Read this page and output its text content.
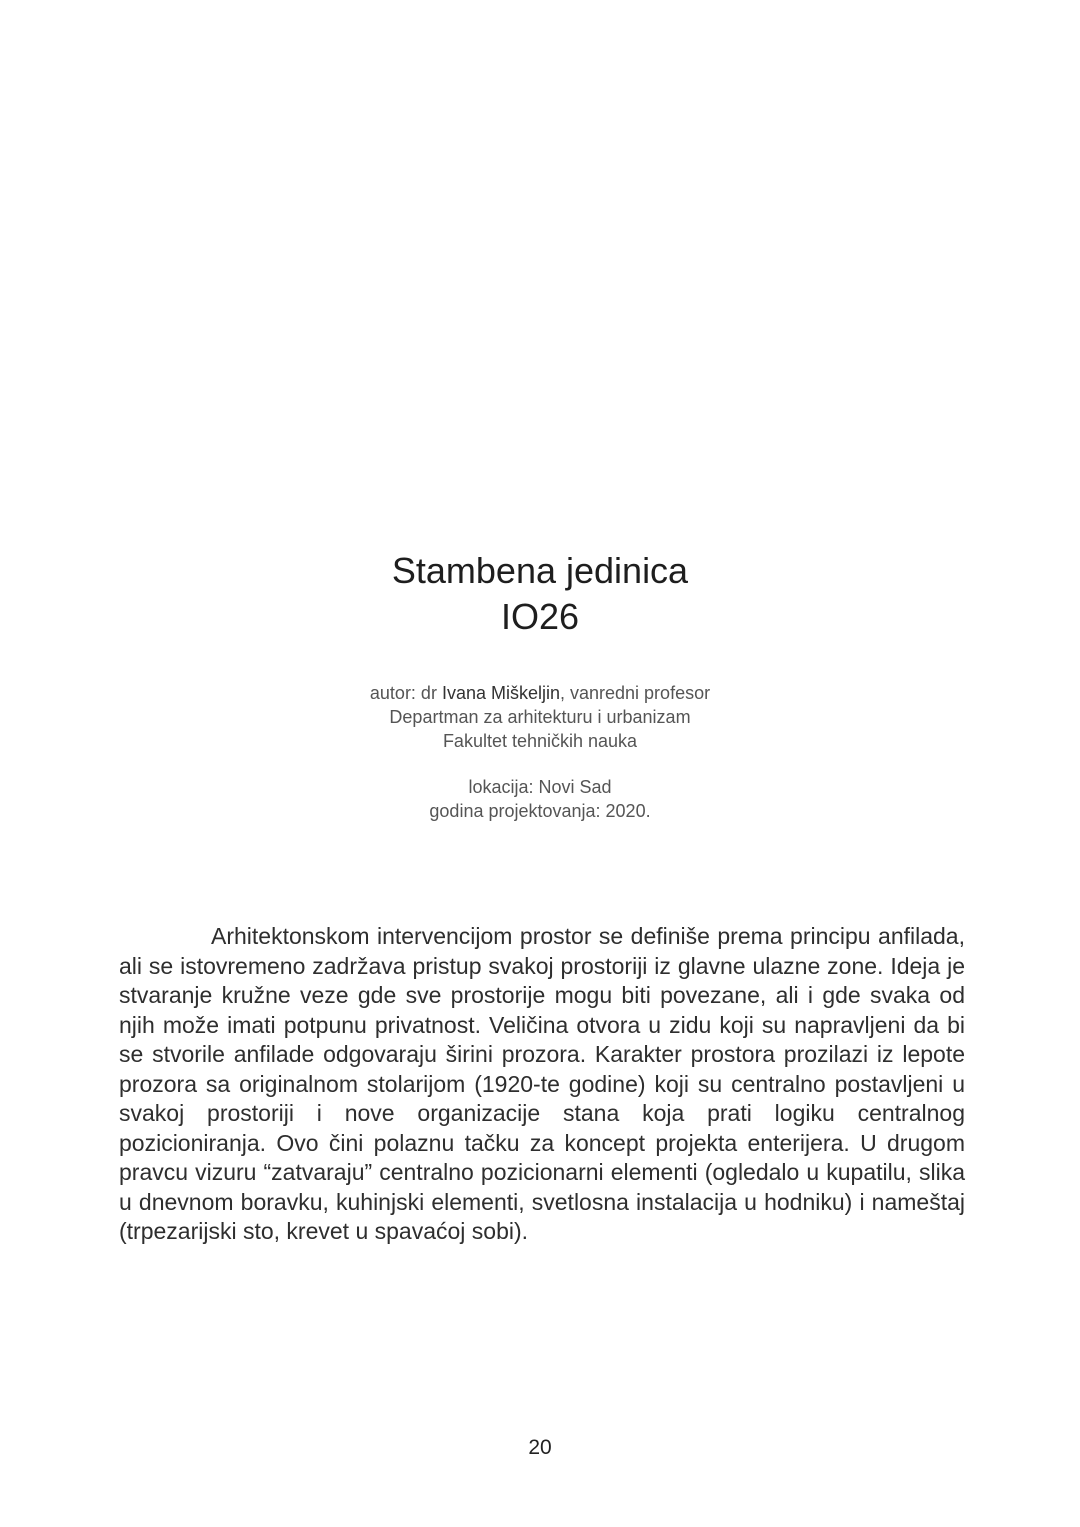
Stambena jedinica
IO26

autor: dr Ivana Miškeljin, vanredni profesor

Departman za arhitekturu i urbanizam

Fakultet tehničkih nauka

lokacija: Novi Sad

godina projektovanja: 2020.

Arhitektonskom intervencijom prostor se definiše prema principu anfilada, ali se istovremeno zadržava pristup svakoj prostoriji iz glavne ulazne zone. Ideja je stvaranje kružne veze gde sve prostorije mogu biti povezane, ali i gde svaka od njih može imati potpunu privatnost. Veličina otvora u zidu koji su napravljeni da bi se stvorile anfilade odgovaraju širini prozora. Karakter prostora prozilazi iz lepote prozora sa originalnom stolarijom (1920-te godine) koji su centralno postavljeni u svakoj prostoriji i nove organizacije stana koja prati logiku centralnog pozicioniranja. Ovo čini polaznu tačku za koncept projekta enterijera. U drugom pravcu vizuru “zatvaraju” centralno pozicionarni elementi (ogledalo u kupatilu, slika u dnevnom boravku, kuhinjski elementi, svetlosna instalacija u hodniku) i nameštaj (trpezarijski sto, krevet u spavaćoj sobi).

20
